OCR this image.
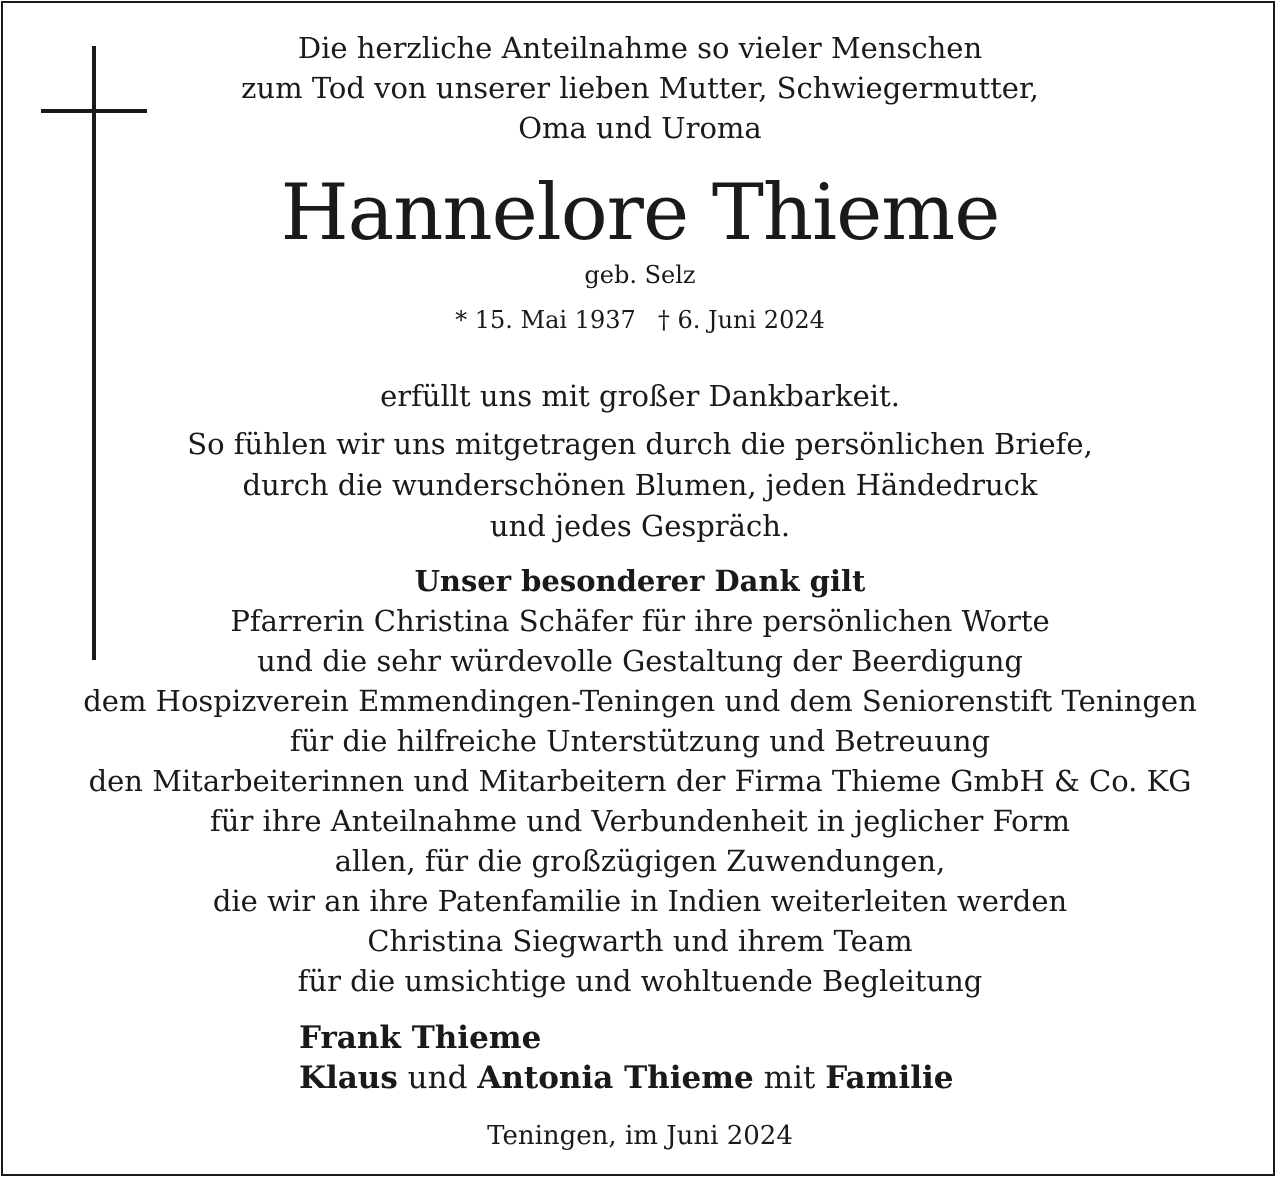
Die herzliche Anteilnahme so vieler Menschen
zum Tod von unserer lieben Mutter, Schwiegermutter,
Oma und Uroma
Hannelore Thieme
geb. Selz
* 15. Mai 1937 † 6. Juni 2024
erfüllt uns mit großer Dankbarkeit.
So fühlen wir uns mitgetragen durch die persönlichen Briefe,
durch die wunderschönen Blumen, jeden Händedruck
und jedes Gespräch.
Unser besonderer Dank gilt
Pfarrerin Christina Schäfer für ihre persönlichen Worte
und die sehr würdevolle Gestaltung der Beerdigung
dem Hospizverein Emmendingen-Teningen und dem Seniorenstift Teningen
für die hilfreiche Unterstützung und Betreuung
den Mitarbeiterinnen und Mitarbeitern der Firma Thieme GmbH & Co. KG
für ihre Anteilnahme und Verbundenheit in jeglicher Form
allen, für die großzügigen Zuwendungen,
die wir an ihre Patenfamilie in Indien weiterleiten werden
Christina Siegwarth und ihrem Team
für die umsichtige und wohltuende Begleitung
Frank Thieme
Klaus und Antonia Thieme mit Familie
Teningen, im Juni 2024
